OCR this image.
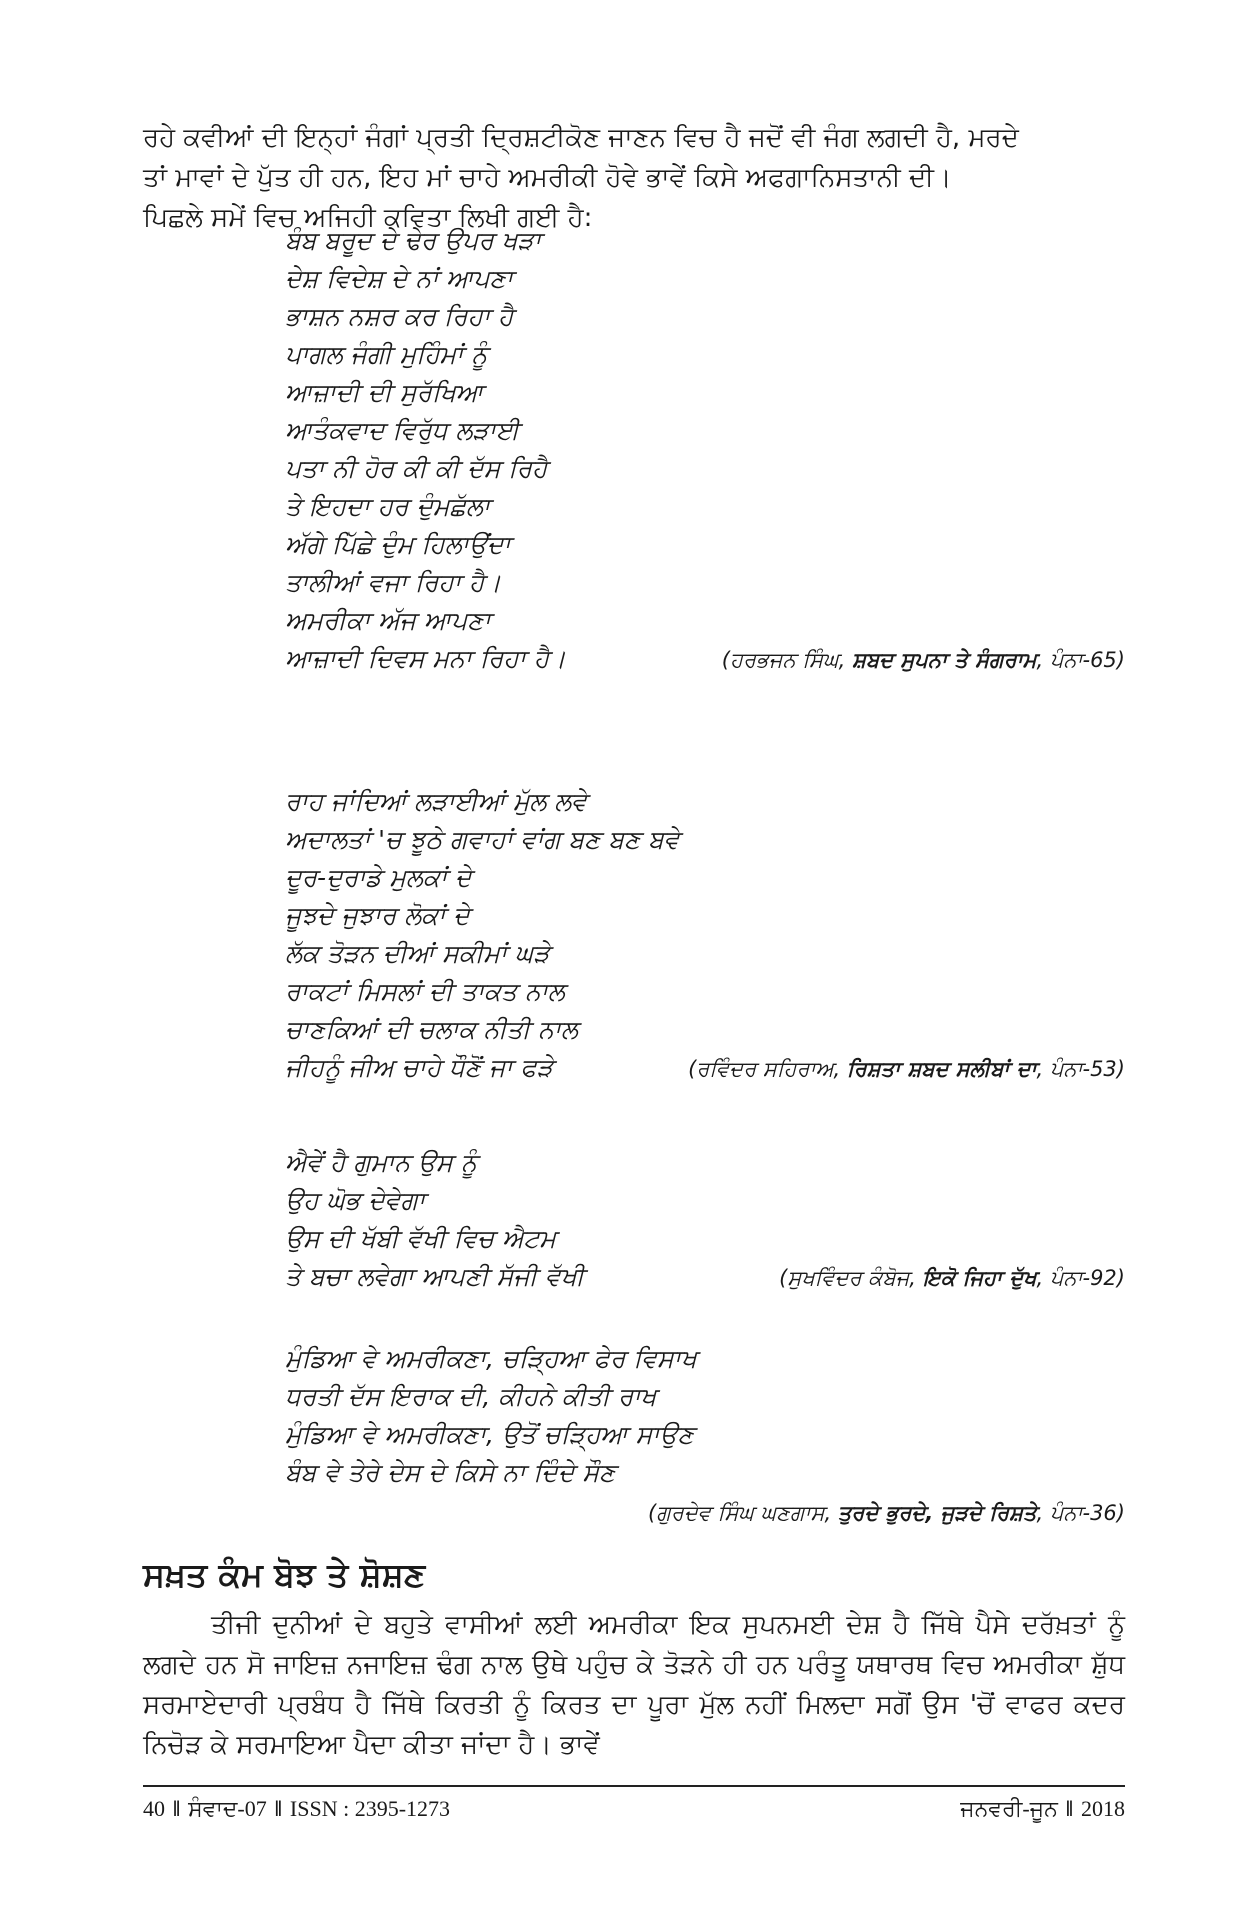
ਰਹੇ ਕਵੀਆਂ ਦੀ ਇਨ੍ਹਾਂ ਜੰਗਾਂ ਪ੍ਰਤੀ ਦ੍ਰਿਸ਼ਟੀਕੋਣ ਜਾਣਨ ਵਿਚ ਹੈ ਜਦੋਂ ਵੀ ਜੰਗ ਲਗਦੀ ਹੈ, ਮਰਦੇ

ਤਾਂ ਮਾਵਾਂ ਦੇ ਪੁੱਤ ਹੀ ਹਨ, ਇਹ ਮਾਂ ਚਾਹੇ ਅਮਰੀਕੀ ਹੋਵੇ ਭਾਵੇਂ ਕਿਸੇ ਅਫਗਾਨਿਸਤਾਨੀ ਦੀ।

ਪਿਛਲੇ ਸਮੇਂ ਵਿਚ ਅਜਿਹੀ ਕਵਿਤਾ ਲਿਖੀ ਗਈ ਹੈ:

ਬੰਬ ਬਰੂਦ ਦੇ ਢੇਰ ਉਪਰ ਖੜਾ
ਦੇਸ਼ ਵਿਦੇਸ਼ ਦੇ ਨਾਂ ਆਪਣਾ
ਭਾਸ਼ਨ ਨਸ਼ਰ ਕਰ ਰਿਹਾ ਹੈ
ਪਾਗਲ ਜੰਗੀ ਮੁਹਿੰਮਾਂ ਨੂੰ
ਆਜ਼ਾਦੀ ਦੀ ਸੁਰੱਖਿਆ
ਆਤੰਕਵਾਦ ਵਿਰੁੱਧ ਲੜਾਈ
ਪਤਾ ਨੀ ਹੋਰ ਕੀ ਕੀ ਦੱਸ ਰਿਹੈ
ਤੇ ਇਹਦਾ ਹਰ ਦੁੰਮਛੱਲਾ
ਅੱਗੇ ਪਿੱਛੇ ਦੁੰਮ ਹਿਲਾਉਂਦਾ
ਤਾਲੀਆਂ ਵਜਾ ਰਿਹਾ ਹੈ।
ਅਮਰੀਕਾ ਅੱਜ ਆਪਣਾ
ਆਜ਼ਾਦੀ ਦਿਵਸ ਮਨਾ ਰਿਹਾ ਹੈ।	(ਹਰਭਜਨ ਸਿੰਘ, ਸ਼ਬਦ ਸੁਪਨਾ ਤੇ ਸੰਗਰਾਮ, ਪੰਨਾ-65)
ਰਾਹ ਜਾਂਦਿਆਂ ਲੜਾਈਆਂ ਮੁੱਲ ਲਵੇ
ਅਦਾਲਤਾਂ 'ਚ ਝੂਠੇ ਗਵਾਹਾਂ ਵਾਂਗ ਬਣ ਬਣ ਬਵੇ
ਦੂਰ-ਦੁਰਾਡੇ ਮੁਲਕਾਂ ਦੇ
ਜੂਝਦੇ ਜੁਝਾਰ ਲੋਕਾਂ ਦੇ
ਲੱਕ ਤੋੜਨ ਦੀਆਂ ਸਕੀਮਾਂ ਘੜੇ
ਰਾਕਟਾਂ ਮਿਸਲਾਂ ਦੀ ਤਾਕਤ ਨਾਲ
ਚਾਣਕਿਆਂ ਦੀ ਚਲਾਕ ਨੀਤੀ ਨਾਲ
ਜੀਹਨੂੰ ਜੀਅ ਚਾਹੇ ਧੌਣੋਂ ਜਾ ਫੜੇ	(ਰਵਿੰਦਰ ਸਹਿਰਾਅ, ਰਿਸ਼ਤਾ ਸ਼ਬਦ ਸਲੀਬਾਂ ਦਾ, ਪੰਨਾ-53)
ਐਵੇਂ ਹੈ ਗੁਮਾਨ ਉਸ ਨੂੰ
ਉਹ ਘੋਭ ਦੇਵੇਗਾ
ਉਸ ਦੀ ਖੱਬੀ ਵੱਖੀ ਵਿਚ ਐਟਮ
ਤੇ ਬਚਾ ਲਵੇਗਾ ਆਪਣੀ ਸੱਜੀ ਵੱਖੀ	(ਸੁਖਵਿੰਦਰ ਕੰਬੋਜ, ਇਕੋ ਜਿਹਾ ਦੁੱਖ, ਪੰਨਾ-92)
ਮੁੰਡਿਆ ਵੇ ਅਮਰੀਕਣਾ, ਚੜ੍ਹਿਆ ਫੇਰ ਵਿਸਾਖ
ਧਰਤੀ ਦੱਸ ਇਰਾਕ ਦੀ, ਕੀਹਨੇ ਕੀਤੀ ਰਾਖ
ਮੁੰਡਿਆ ਵੇ ਅਮਰੀਕਣਾ, ਉਤੋਂ ਚੜ੍ਹਿਆ ਸਾਉਣ
ਬੰਬ ਵੇ ਤੇਰੇ ਦੇਸ ਦੇ ਕਿਸੇ ਨਾ ਦਿੰਦੇ ਸੌਣ
(ਗੁਰਦੇਵ ਸਿੰਘ ਘਣਗਾਸ, ਤੁਰਦੇ ਭੁਰਦੇ, ਜੁੜਦੇ ਰਿਸ਼ਤੇ, ਪੰਨਾ-36)
ਸਖ਼ਤ ਕੰਮ ਬੋਝ ਤੇ ਸ਼ੋਸ਼ਣ

ਤੀਜੀ ਦੁਨੀਆਂ ਦੇ ਬਹੁਤੇ ਵਾਸੀਆਂ ਲਈ ਅਮਰੀਕਾ ਇਕ ਸੁਪਨਮਈ ਦੇਸ਼ ਹੈ ਜਿੱਥੇ ਪੈਸੇ ਦਰੱਖ਼ਤਾਂ ਨੂੰ ਲਗਦੇ ਹਨ ਸੋ ਜਾਇਜ਼ ਨਜਾਇਜ਼ ਢੰਗ ਨਾਲ ਉਥੇ ਪਹੁੰਚ ਕੇ ਤੋੜਨੇ ਹੀ ਹਨ ਪਰੰਤੂ ਯਥਾਰਥ ਵਿਚ ਅਮਰੀਕਾ ਸ਼ੁੱਧ ਸਰਮਾਏਦਾਰੀ ਪ੍ਰਬੰਧ ਹੈ ਜਿੱਥੇ ਕਿਰਤੀ ਨੂੰ ਕਿਰਤ ਦਾ ਪੂਰਾ ਮੁੱਲ ਨਹੀਂ ਮਿਲਦਾ ਸਗੋਂ ਉਸ 'ਚੋਂ ਵਾਫਰ ਕਦਰ ਨਿਚੋੜ ਕੇ ਸਰਮਾਇਆ ਪੈਦਾ ਕੀਤਾ ਜਾਂਦਾ ਹੈ। ਭਾਵੇਂ

40 ‖ ਸੰਵਾਦ-07 ‖ ISSN : 2395-1273	ਜਨਵਰੀ-ਜੂਨ ‖ 2018
